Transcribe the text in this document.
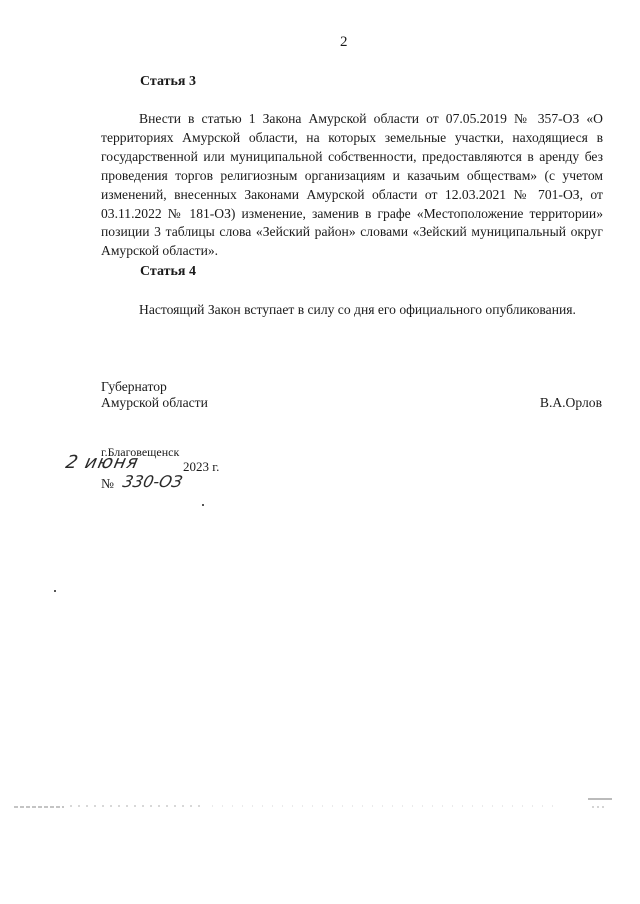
2
Статья 3
Внести в статью 1 Закона Амурской области от 07.05.2019 № 357-ОЗ «О территориях Амурской области, на которых земельные участки, находящиеся в государственной или муниципальной собственности, предоставляются в аренду без проведения торгов религиозным организациям и казачьим обществам» (с учетом изменений, внесенных Законами Амурской области от 12.03.2021 № 701-ОЗ, от 03.11.2022 № 181-ОЗ) изменение, заменив в графе «Местоположение территории» позиции 3 таблицы слова «Зейский район» словами «Зейский муниципальный округ Амурской области».
Статья 4
Настоящий Закон вступает в силу со дня его официального опубликования.
Губернатор
Амурской области	В.А.Орлов
г.Благовещенск
2 июня	2023 г.
№ 330-ОЗ
